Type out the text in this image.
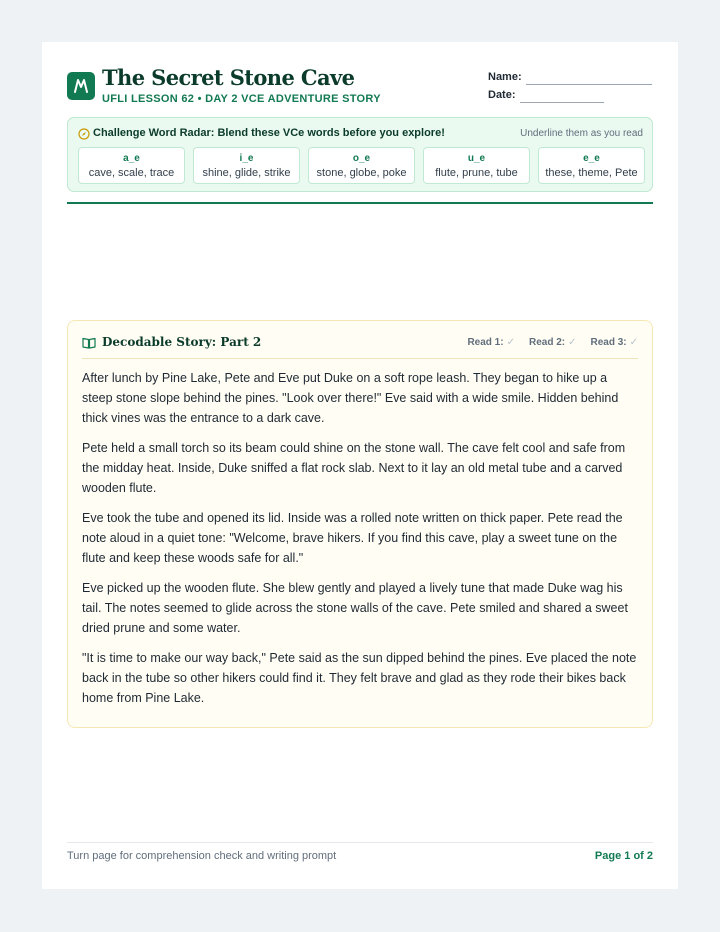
The Secret Stone Cave
UFLI LESSON 62 • DAY 2 VCE ADVENTURE STORY
Name:
Date:
Challenge Word Radar: Blend these VCe words before you explore!	Underline them as you read
a_e
cave, scale, trace
i_e
shine, glide, strike
o_e
stone, globe, poke
u_e
flute, prune, tube
e_e
these, theme, Pete
Decodable Story: Part 2	Read 1: ✓ Read 2: ✓ Read 3: ✓

After lunch by Pine Lake, Pete and Eve put Duke on a soft rope leash. They began to hike up a steep stone slope behind the pines. "Look over there!" Eve said with a wide smile. Hidden behind thick vines was the entrance to a dark cave.

Pete held a small torch so its beam could shine on the stone wall. The cave felt cool and safe from the midday heat. Inside, Duke sniffed a flat rock slab. Next to it lay an old metal tube and a carved wooden flute.

Eve took the tube and opened its lid. Inside was a rolled note written on thick paper. Pete read the note aloud in a quiet tone: "Welcome, brave hikers. If you find this cave, play a sweet tune on the flute and keep these woods safe for all."

Eve picked up the wooden flute. She blew gently and played a lively tune that made Duke wag his tail. The notes seemed to glide across the stone walls of the cave. Pete smiled and shared a sweet dried prune and some water.

"It is time to make our way back," Pete said as the sun dipped behind the pines. Eve placed the note back in the tube so other hikers could find it. They felt brave and glad as they rode their bikes back home from Pine Lake.

Turn page for comprehension check and writing prompt	Page 1 of 2
